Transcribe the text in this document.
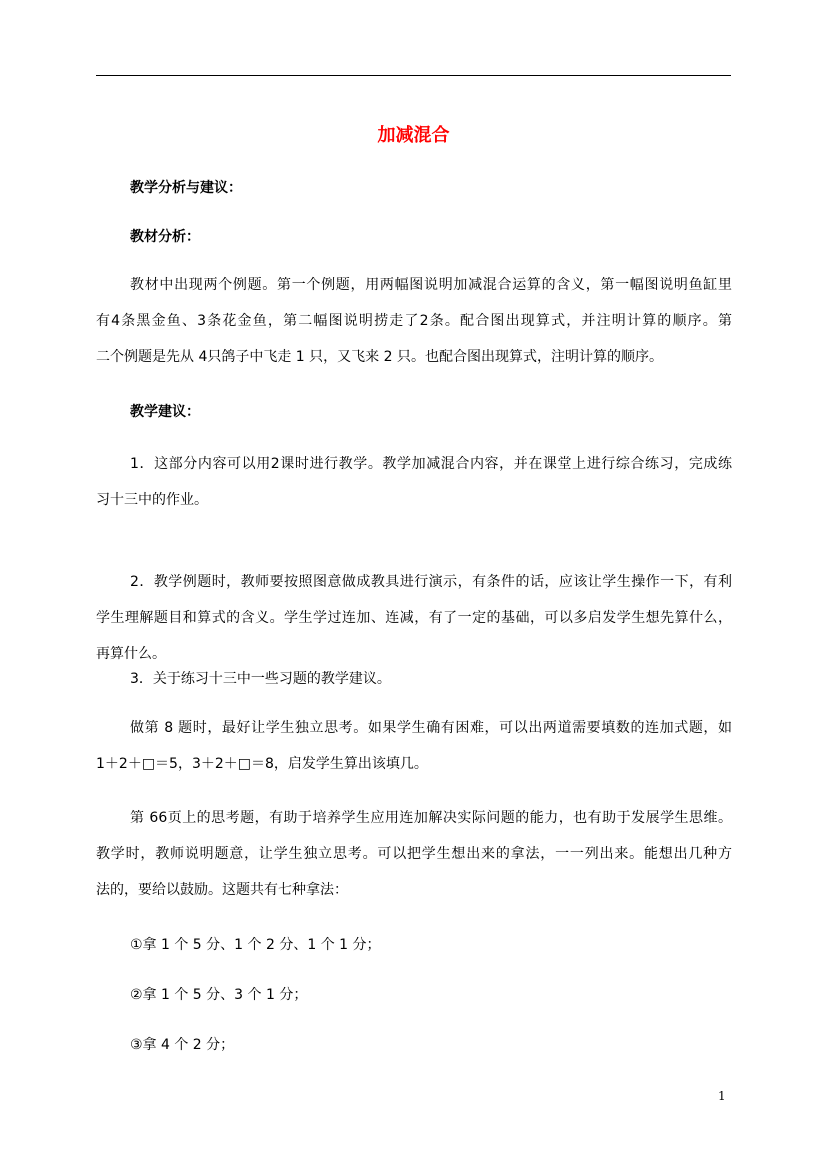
加减混合
教学分析与建议：
教材分析：
教材中出现两个例题。第一个例题，用两幅图说明加减混合运算的含义，第一幅图说明鱼缸里
有4条黑金鱼、3条花金鱼，第二幅图说明捞走了2条。配合图出现算式，并注明计算的顺序。第
二个例题是先从 4只鸽子中飞走 1 只，又飞来 2 只。也配合图出现算式，注明计算的顺序。
教学建议：
1．这部分内容可以用2课时进行教学。教学加减混合内容，并在课堂上进行综合练习，完成练
习十三中的作业。
2．教学例题时，教师要按照图意做成教具进行演示，有条件的话，应该让学生操作一下，有利
学生理解题目和算式的含义。学生学过连加、连减，有了一定的基础，可以多启发学生想先算什么，
再算什么。
3．关于练习十三中一些习题的教学建议。
做第 8 题时，最好让学生独立思考。如果学生确有困难，可以出两道需要填数的连加式题，如
1＋2＋□＝5，3＋2＋□＝8，启发学生算出该填几。
第 66页上的思考题，有助于培养学生应用连加解决实际问题的能力，也有助于发展学生思维。
教学时，教师说明题意，让学生独立思考。可以把学生想出来的拿法，一一列出来。能想出几种方
法的，要给以鼓励。这题共有七种拿法：
①拿 1 个 5 分、1 个 2 分、1 个 1 分；
②拿 1 个 5 分、3 个 1 分；
③拿 4 个 2 分；
1
